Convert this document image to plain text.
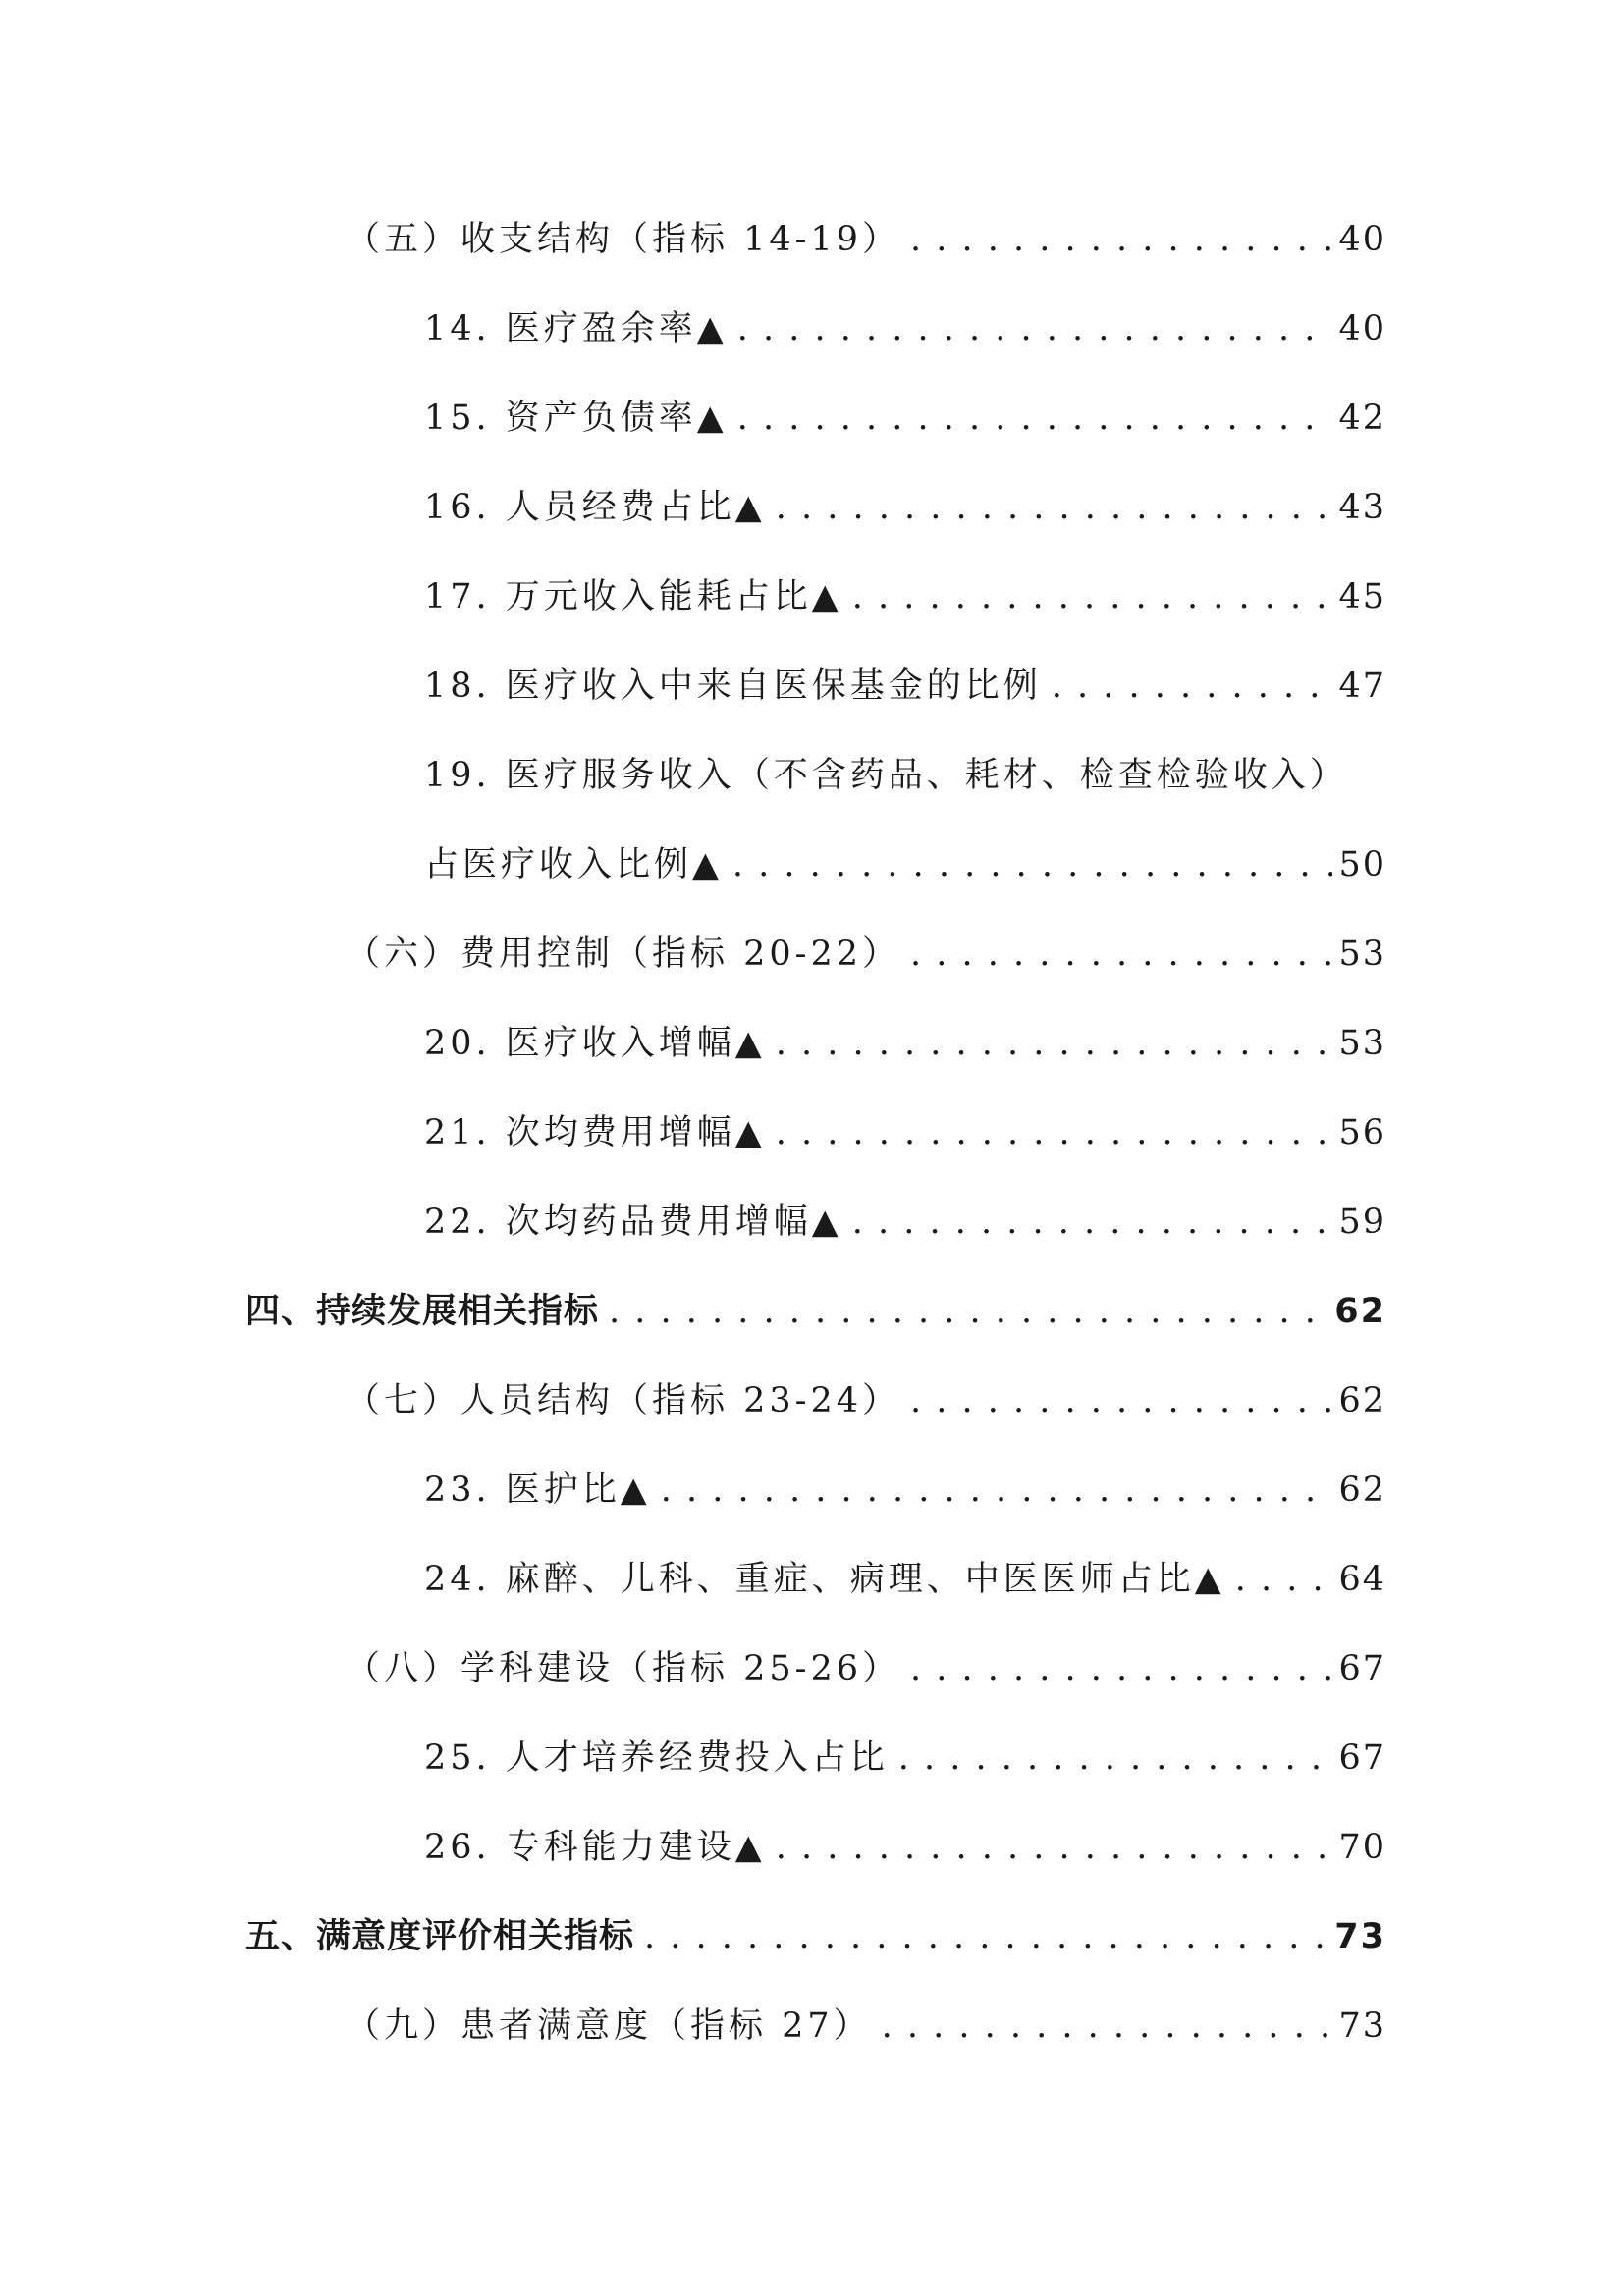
（五）收支结构（指标 14-19） . . .	40
14. 医疗盈余率▲ . . .	40
15. 资产负债率▲ . . .	42
16. 人员经费占比▲ . . .	43
17. 万元收入能耗占比▲ . . .	45
18. 医疗收入中来自医保基金的比例 . . .	47
19. 医疗服务收入（不含药品、耗材、检查检验收入）
占医疗收入比例▲ . . .	50
（六）费用控制（指标 20-22） . . .	53
20. 医疗收入增幅▲ . . .	53
21. 次均费用增幅▲ . . .	56
22. 次均药品费用增幅▲ . . .	59
四、持续发展相关指标 . . .	62
（七）人员结构（指标 23-24） . . .	62
23. 医护比▲ . . .	62
24. 麻醉、儿科、重症、病理、中医医师占比▲ . . .	64
（八）学科建设（指标 25-26） . . .	67
25. 人才培养经费投入占比 . . .	67
26. 专科能力建设▲ . . .	70
五、满意度评价相关指标 . . .	73
（九）患者满意度（指标 27） . . .	73
